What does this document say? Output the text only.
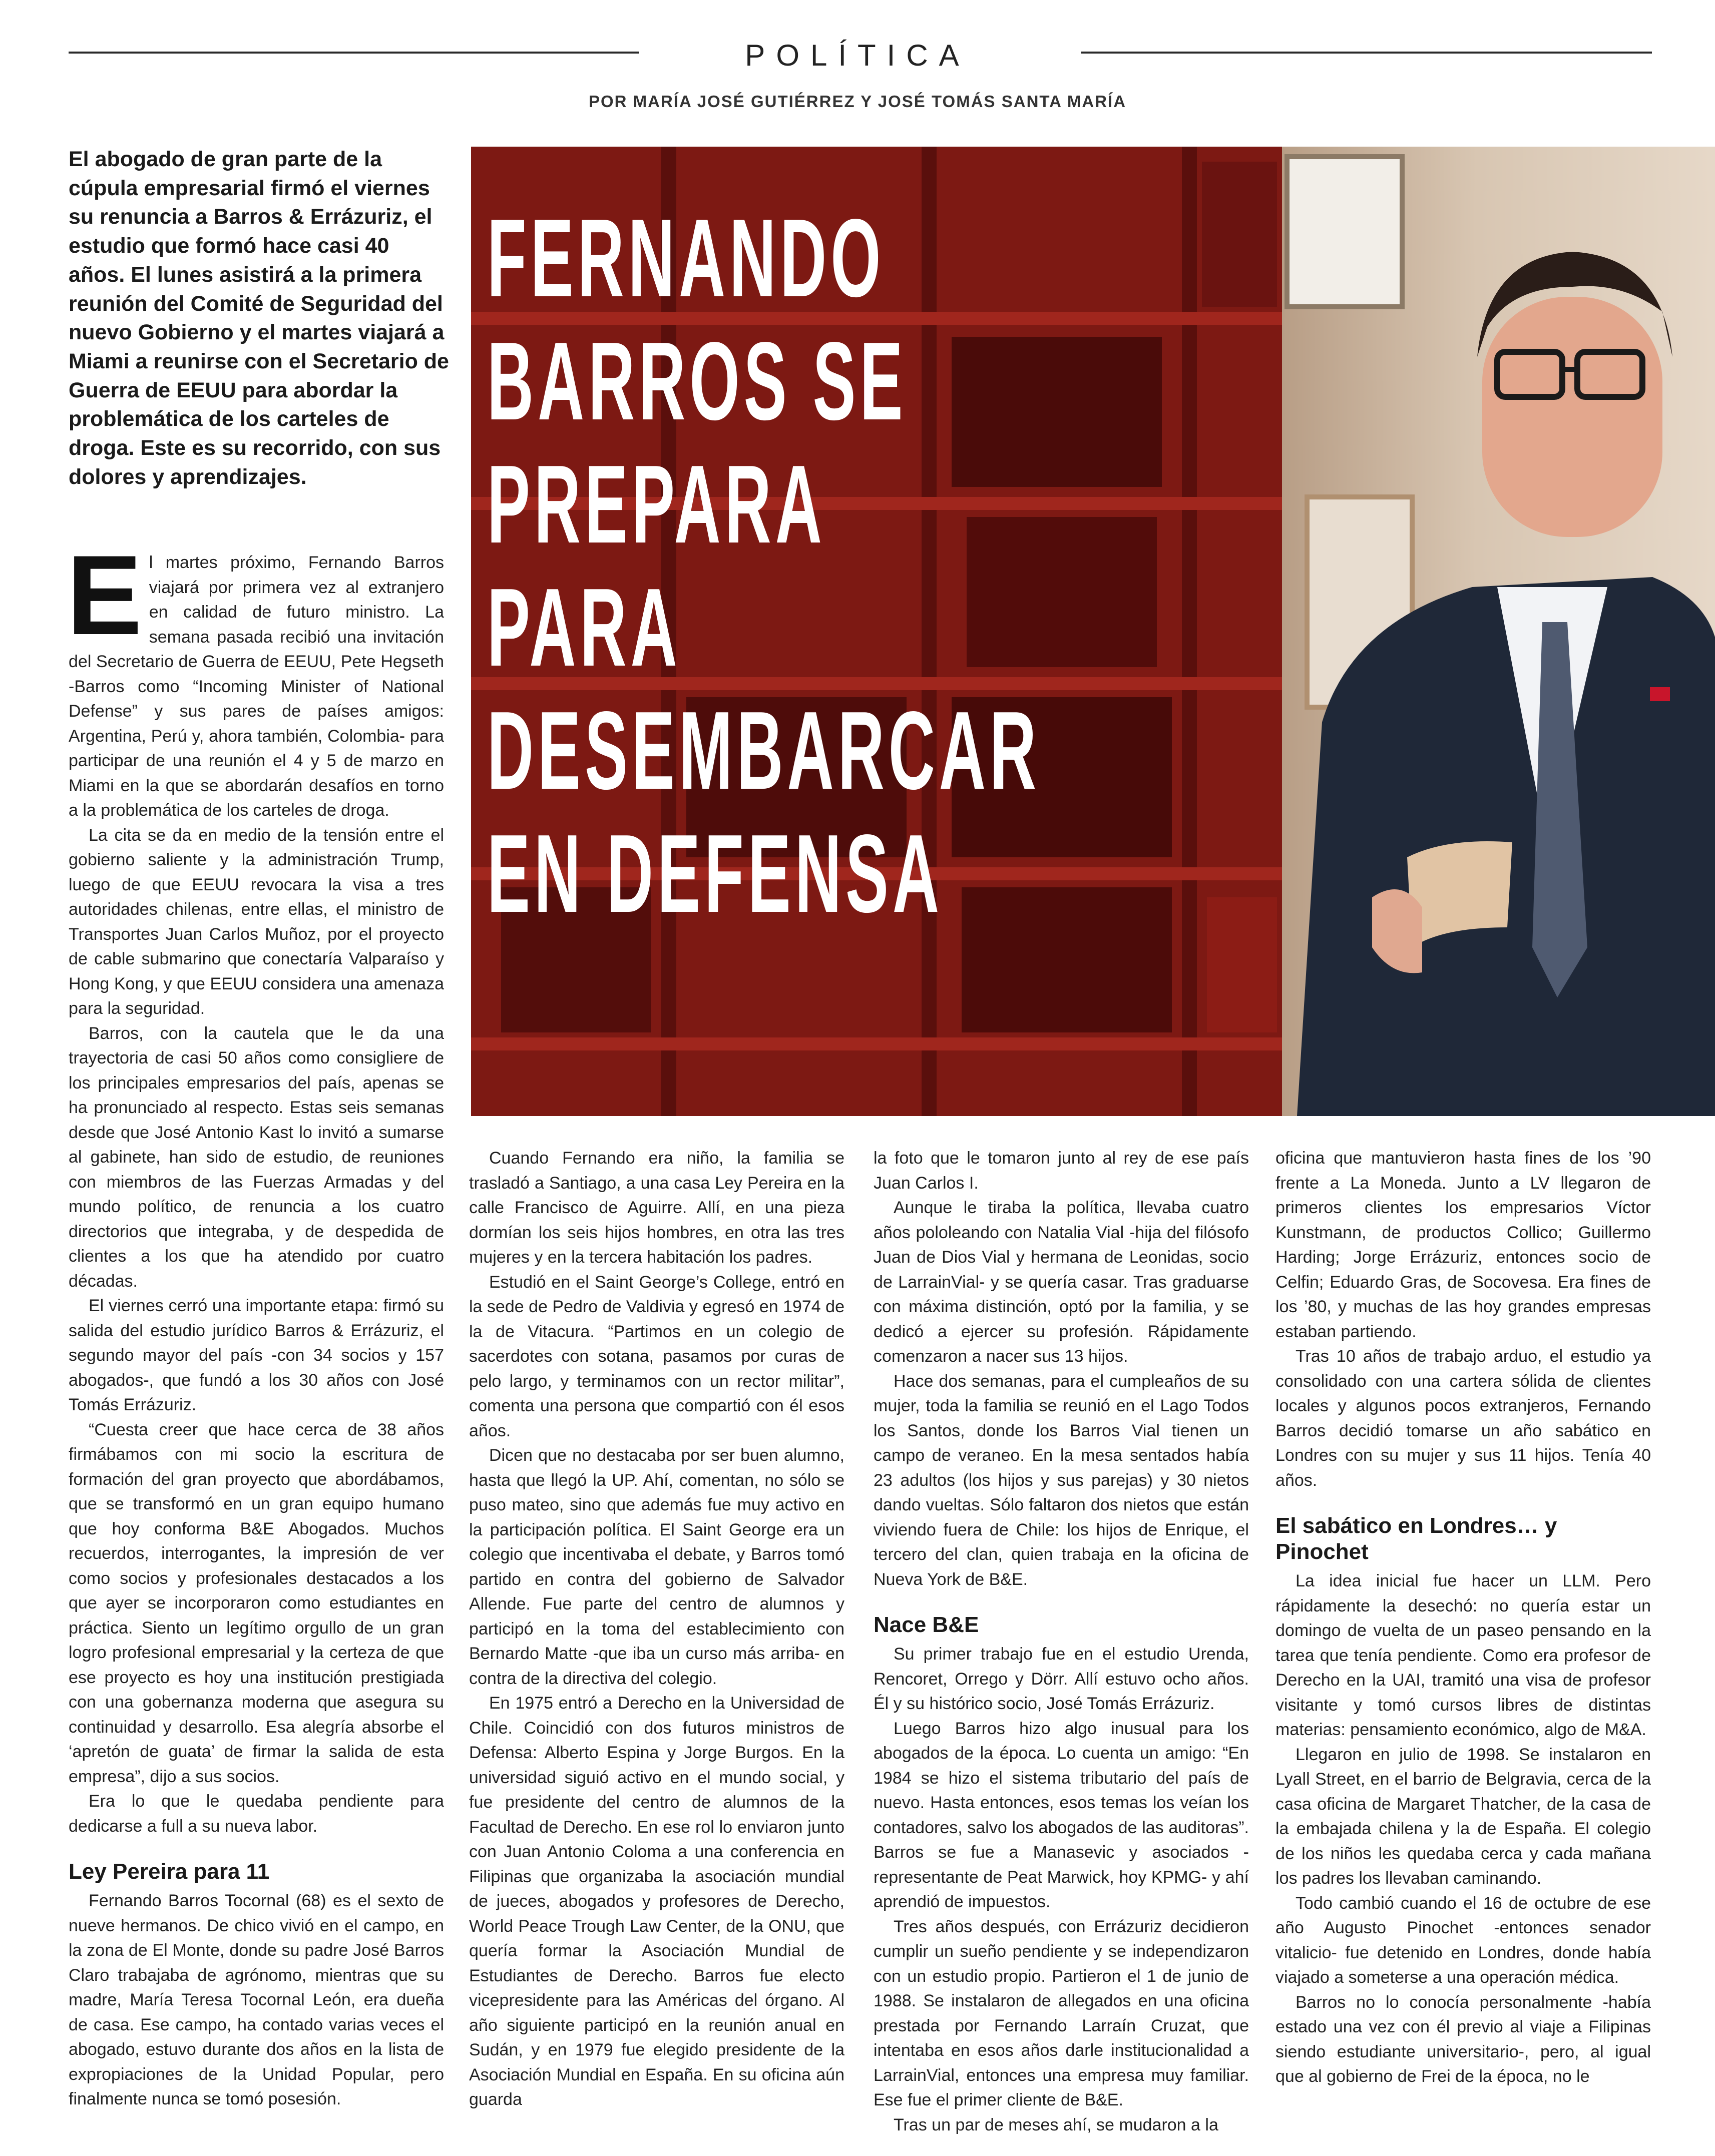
POLÍTICA
POR MARÍA JOSÉ GUTIÉRREZ Y JOSÉ TOMÁS SANTA MARÍA

El abogado de gran parte de la cúpula empresarial firmó el viernes su renuncia a Barros & Errázuriz, el estudio que formó hace casi 40 años. El lunes asistirá a la primera reunión del Comité de Seguridad del nuevo Gobierno y el martes viajará a Miami a reunirse con el Secretario de Guerra de EEUU para abordar la problemática de los carteles de droga. Este es su recorrido, con sus dolores y aprendizajes.

FERNANDO
BARROS SE
PREPARA
PARA
DESEMBARCAR
EN DEFENSA

E l martes próximo, Fernando Barros viajará por primera vez al extranjero en calidad de futuro ministro. La semana pasada recibió una invitación del Secretario de Guerra de EEUU, Pete Hegseth -Barros como “Incoming Minister of National Defense” y sus pares de países amigos: Argentina, Perú y, ahora también, Colombia- para participar de una reunión el 4 y 5 de marzo en Miami en la que se abordarán desafíos en torno a la problemática de los carteles de droga.

La cita se da en medio de la tensión entre el gobierno saliente y la administración Trump, luego de que EEUU revocara la visa a tres autoridades chilenas, entre ellas, el ministro de Transportes Juan Carlos Muñoz, por el proyecto de cable submarino que conectaría Valparaíso y Hong Kong, y que EEUU considera una amenaza para la seguridad.

Barros, con la cautela que le da una trayectoria de casi 50 años como consigliere de los principales empresarios del país, apenas se ha pronunciado al respecto. Estas seis semanas desde que José Antonio Kast lo invitó a sumarse al gabinete, han sido de estudio, de reuniones con miembros de las Fuerzas Armadas y del mundo político, de renuncia a los cuatro directorios que integraba, y de despedida de clientes a los que ha atendido por cuatro décadas.

El viernes cerró una importante etapa: firmó su salida del estudio jurídico Barros & Errázuriz, el segundo mayor del país -con 34 socios y 157 abogados-, que fundó a los 30 años con José Tomás Errázuriz.

“Cuesta creer que hace cerca de 38 años firmábamos con mi socio la escritura de formación del gran proyecto que abordábamos, que se transformó en un gran equipo humano que hoy conforma B&E Abogados. Muchos recuerdos, interrogantes, la impresión de ver como socios y profesionales destacados a los que ayer se incorporaron como estudiantes en práctica. Siento un legítimo orgullo de un gran logro profesional empresarial y la certeza de que ese proyecto es hoy una institución prestigiada con una gobernanza moderna que asegura su continuidad y desarrollo. Esa alegría absorbe el ‘apretón de guata’ de firmar la salida de esta empresa”, dijo a sus socios.

Era lo que le quedaba pendiente para dedicarse a full a su nueva labor.

Ley Pereira para 11

Fernando Barros Tocornal (68) es el sexto de nueve hermanos. De chico vivió en el campo, en la zona de El Monte, donde su padre José Barros Claro trabajaba de agrónomo, mientras que su madre, María Teresa Tocornal León, era dueña de casa. Ese campo, ha contado varias veces el abogado, estuvo durante dos años en la lista de expropiaciones de la Unidad Popular, pero finalmente nunca se tomó posesión.

Cuando Fernando era niño, la familia se trasladó a Santiago, a una casa Ley Pereira en la calle Francisco de Aguirre. Allí, en una pieza dormían los seis hijos hombres, en otra las tres mujeres y en la tercera habitación los padres.

Estudió en el Saint George’s College, entró en la sede de Pedro de Valdivia y egresó en 1974 de la de Vitacura. “Partimos en un colegio de sacerdotes con sotana, pasamos por curas de pelo largo, y terminamos con un rector militar”, comenta una persona que compartió con él esos años.

Dicen que no destacaba por ser buen alumno, hasta que llegó la UP. Ahí, comentan, no sólo se puso mateo, sino que además fue muy activo en la participación política. El Saint George era un colegio que incentivaba el debate, y Barros tomó partido en contra del gobierno de Salvador Allende. Fue parte del centro de alumnos y participó en la toma del establecimiento con Bernardo Matte -que iba un curso más arriba- en contra de la directiva del colegio.

En 1975 entró a Derecho en la Universidad de Chile. Coincidió con dos futuros ministros de Defensa: Alberto Espina y Jorge Burgos. En la universidad siguió activo en el mundo social, y fue presidente del centro de alumnos de la Facultad de Derecho. En ese rol lo enviaron junto con Juan Antonio Coloma a una conferencia en Filipinas que organizaba la asociación mundial de jueces, abogados y profesores de Derecho, World Peace Trough Law Center, de la ONU, que quería formar la Asociación Mundial de Estudiantes de Derecho. Barros fue electo vicepresidente para las Américas del órgano. Al año siguiente participó en la reunión anual en Sudán, y en 1979 fue elegido presidente de la Asociación Mundial en España. En su oficina aún guarda

la foto que le tomaron junto al rey de ese país Juan Carlos I.

Aunque le tiraba la política, llevaba cuatro años pololeando con Natalia Vial -hija del filósofo Juan de Dios Vial y hermana de Leonidas, socio de LarrainVial- y se quería casar. Tras graduarse con máxima distinción, optó por la familia, y se dedicó a ejercer su profesión. Rápidamente comenzaron a nacer sus 13 hijos.

Hace dos semanas, para el cumpleaños de su mujer, toda la familia se reunió en el Lago Todos los Santos, donde los Barros Vial tienen un campo de veraneo. En la mesa sentados había 23 adultos (los hijos y sus parejas) y 30 nietos dando vueltas. Sólo faltaron dos nietos que están viviendo fuera de Chile: los hijos de Enrique, el tercero del clan, quien trabaja en la oficina de Nueva York de B&E.

Nace B&E

Su primer trabajo fue en el estudio Urenda, Rencoret, Orrego y Dörr. Allí estuvo ocho años. Él y su histórico socio, José Tomás Errázuriz.

Luego Barros hizo algo inusual para los abogados de la época. Lo cuenta un amigo: “En 1984 se hizo el sistema tributario del país de nuevo. Hasta entonces, esos temas los veían los contadores, salvo los abogados de las auditoras”. Barros se fue a Manasevic y asociados -representante de Peat Marwick, hoy KPMG- y ahí aprendió de impuestos.

Tres años después, con Errázuriz decidieron cumplir un sueño pendiente y se independizaron con un estudio propio. Partieron el 1 de junio de 1988. Se instalaron de allegados en una oficina prestada por Fernando Larraín Cruzat, que intentaba en esos años darle institucionalidad a LarrainVial, entonces una empresa muy familiar. Ese fue el primer cliente de B&E.

Tras un par de meses ahí, se mudaron a la

oficina que mantuvieron hasta fines de los ’90 frente a La Moneda. Junto a LV llegaron de primeros clientes los empresarios Víctor Kunstmann, de productos Collico; Guillermo Harding; Jorge Errázuriz, entonces socio de Celfin; Eduardo Gras, de Socovesa. Era fines de los ’80, y muchas de las hoy grandes empresas estaban partiendo.

Tras 10 años de trabajo arduo, el estudio ya consolidado con una cartera sólida de clientes locales y algunos pocos extranjeros, Fernando Barros decidió tomarse un año sabático en Londres con su mujer y sus 11 hijos. Tenía 40 años.

El sabático en Londres… y Pinochet

La idea inicial fue hacer un LLM. Pero rápidamente la desechó: no quería estar un domingo de vuelta de un paseo pensando en la tarea que tenía pendiente. Como era profesor de Derecho en la UAI, tramitó una visa de profesor visitante y tomó cursos libres de distintas materias: pensamiento económico, algo de M&A.

Llegaron en julio de 1998. Se instalaron en Lyall Street, en el barrio de Belgravia, cerca de la casa oficina de Margaret Thatcher, de la casa de la embajada chilena y la de España. El colegio de los niños les quedaba cerca y cada mañana los padres los llevaban caminando.

Todo cambió cuando el 16 de octubre de ese año Augusto Pinochet -entonces senador vitalicio- fue detenido en Londres, donde había viajado a someterse a una operación médica.

Barros no lo conocía personalmente -había estado una vez con él previo al viaje a Filipinas siendo estudiante universitario-, pero, al igual que al gobierno de Frei de la época, no le
